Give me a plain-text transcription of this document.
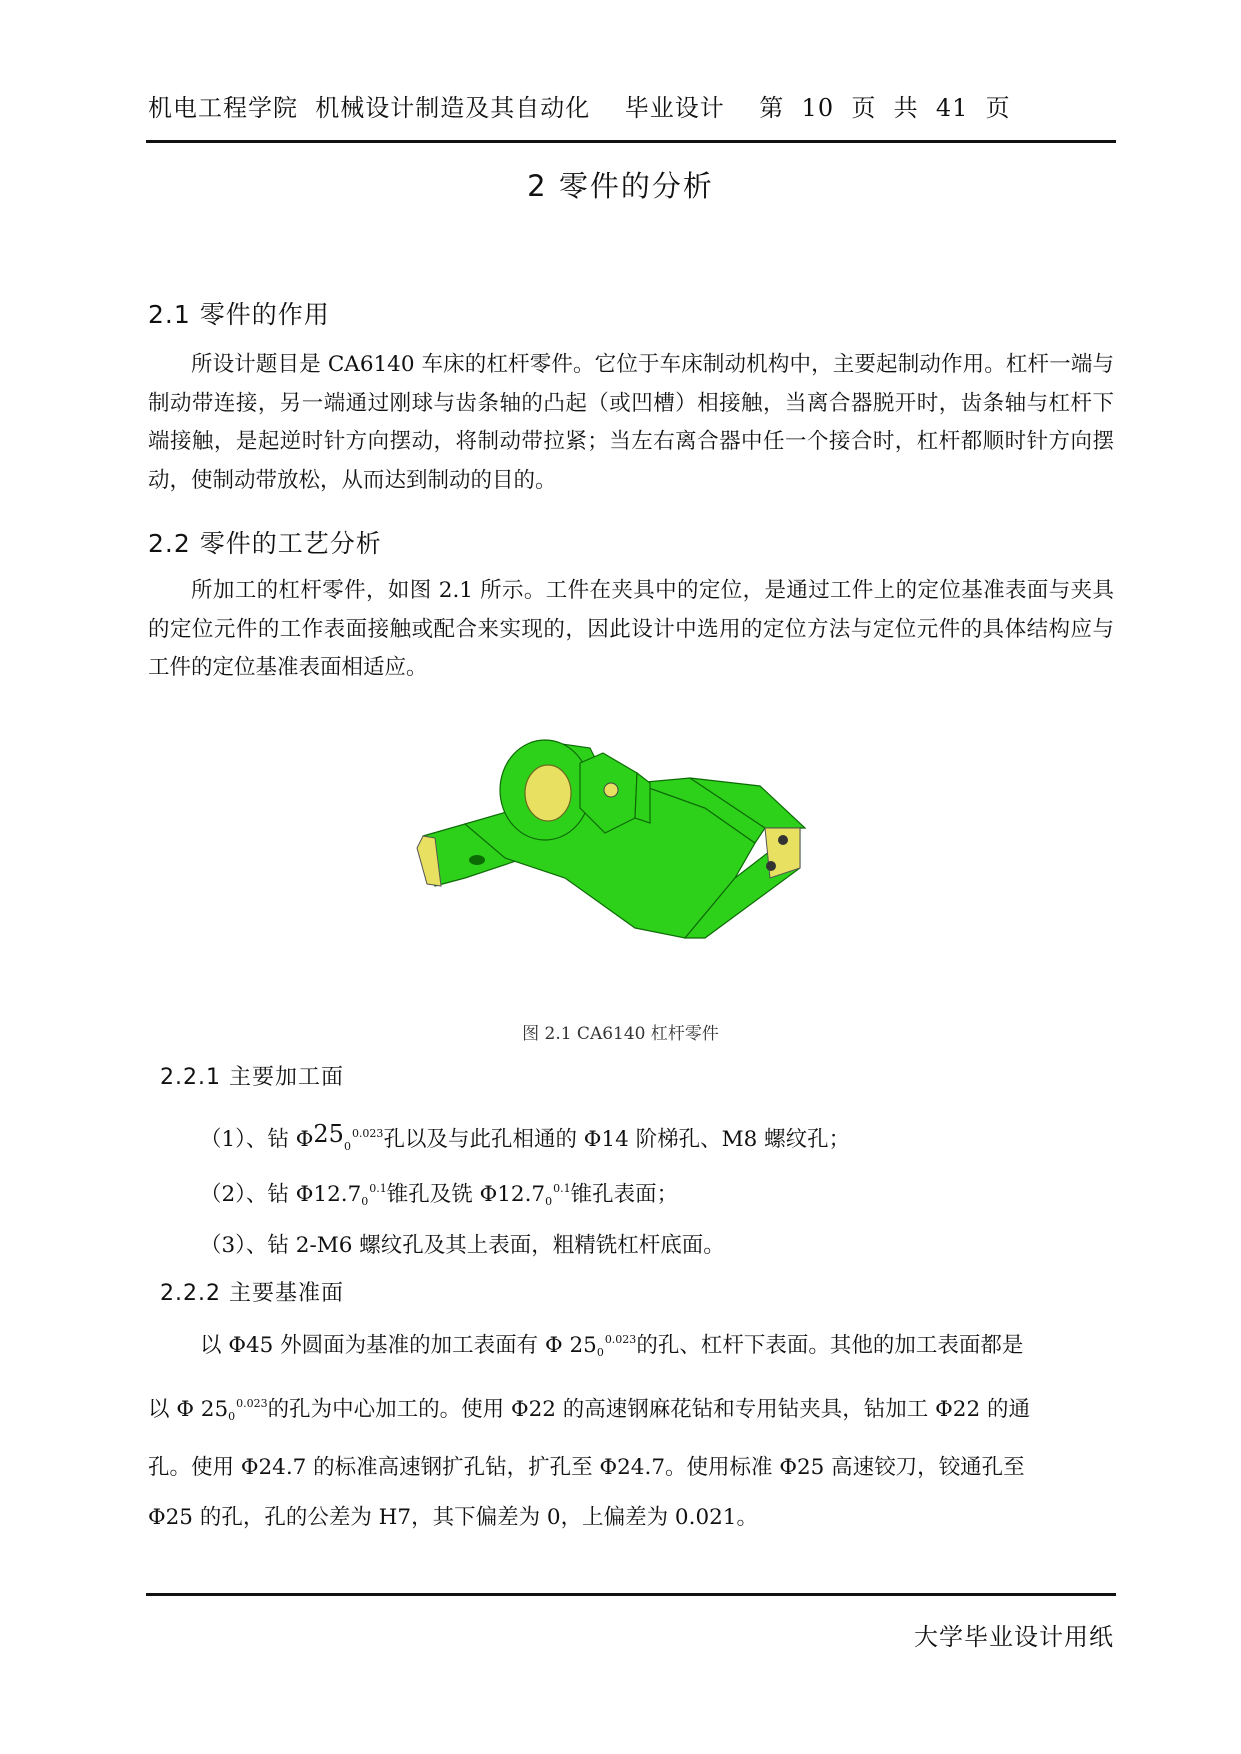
机电工程学院  机械设计制造及其自动化    毕业设计    第  10  页  共  41  页
2 零件的分析
2.1 零件的作用

所设计题目是 CA6140 车床的杠杆零件。它位于车床制动机构中，主要起制动作用。杠杆一端与制动带连接，另一端通过刚球与齿条轴的凸起（或凹槽）相接触，当离合器脱开时，齿条轴与杠杆下端接触，是起逆时针方向摆动，将制动带拉紧；当左右离合器中任一个接合时，杠杆都顺时针方向摆动，使制动带放松，从而达到制动的目的。

2.2 零件的工艺分析

所加工的杠杆零件，如图 2.1 所示。工件在夹具中的定位，是通过工件上的定位基准表面与夹具的定位元件的工作表面接触或配合来实现的，因此设计中选用的定位方法与定位元件的具体结构应与工件的定位基准表面相适应。

图 2.1 CA6140 杠杆零件
2.2.1 主要加工面
（1）、钻 $\Phi 250^{0.023}$孔以及与此孔相通的 Φ14 阶梯孔、M8 螺纹孔；
（2）、钻 $\Phi 12.70^{0.1}$锥孔及铣 $\Phi 12.70^{0.1}$锥孔表面；
（3）、钻 2-M6 螺纹孔及其上表面，粗精铣杠杆底面。
2.2.2 主要基准面
以 Φ45 外圆面为基准的加工表面有 Φ $250^{0.023}$的孔、杠杆下表面。其他的加工表面都是
以 Φ $250^{0.023}$的孔为中心加工的。使用 Φ22 的高速钢麻花钻和专用钻夹具，钻加工 Φ22 的通
孔。使用 Φ24.7 的标准高速钢扩孔钻，扩孔至 Φ24.7。使用标准 Φ25 高速铰刀，铰通孔至
Φ25 的孔，孔的公差为 H7，其下偏差为 0，上偏差为 0.021。
大学毕业设计用纸
